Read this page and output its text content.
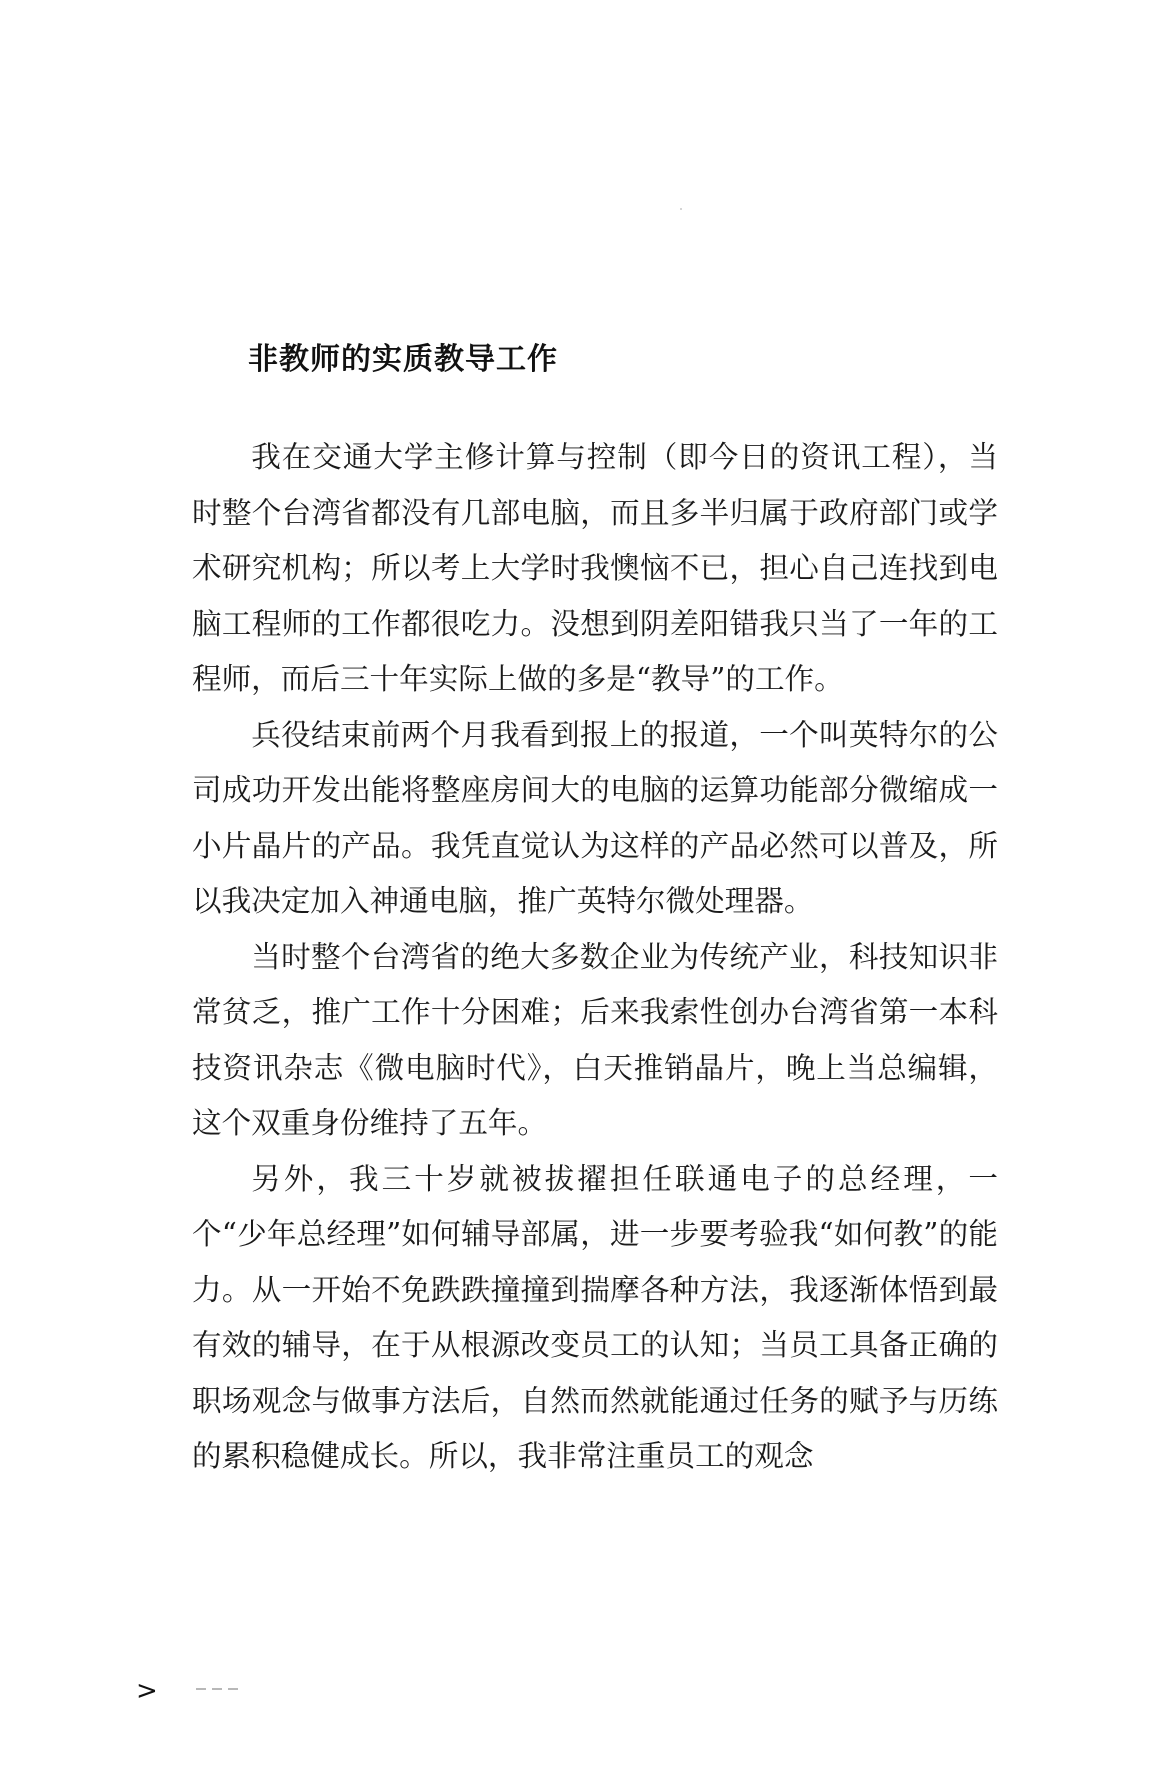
非教师的实质教导工作

我在交通大学主修计算与控制（即今日的资讯工程），当时整个台湾省都没有几部电脑，而且多半归属于政府部门或学术研究机构；所以考上大学时我懊恼不已，担心自己连找到电脑工程师的工作都很吃力。没想到阴差阳错我只当了一年的工程师，而后三十年实际上做的多是“教导”的工作。

兵役结束前两个月我看到报上的报道，一个叫英特尔的公司成功开发出能将整座房间大的电脑的运算功能部分微缩成一小片晶片的产品。我凭直觉认为这样的产品必然可以普及，所以我决定加入神通电脑，推广英特尔微处理器。

当时整个台湾省的绝大多数企业为传统产业，科技知识非常贫乏，推广工作十分困难；后来我索性创办台湾省第一本科技资讯杂志《微电脑时代》，白天推销晶片，晚上当总编辑，这个双重身份维持了五年。

另外，我三十岁就被拔擢担任联通电子的总经理，一个“少年总经理”如何辅导部属，进一步要考验我“如何教”的能力。从一开始不免跌跌撞撞到揣摩各种方法，我逐渐体悟到最有效的辅导，在于从根源改变员工的认知；当员工具备正确的职场观念与做事方法后，自然而然就能通过任务的赋予与历练的累积稳健成长。所以，我非常注重员工的观念

>
